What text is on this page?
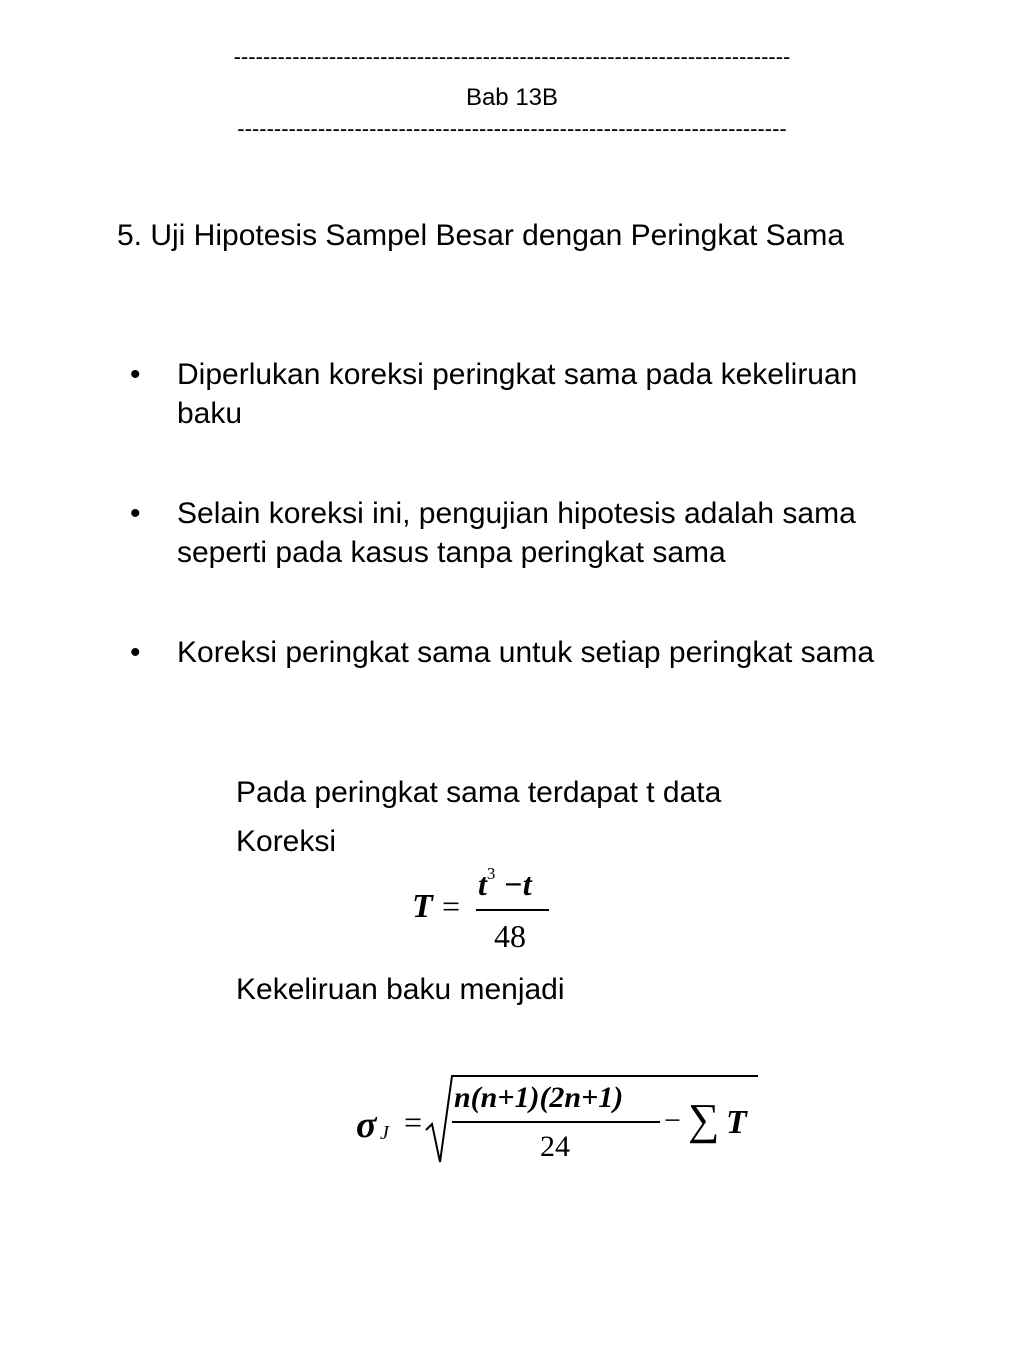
----------------------------------------------------------------------------
Bab 13B
---------------------------------------------------------------------------
5. Uji Hipotesis Sampel Besar dengan Peringkat Sama
• Diperlukan koreksi peringkat sama pada kekeliruan baku
• Selain koreksi ini, pengujian hipotesis adalah sama seperti pada kasus tanpa peringkat sama
• Koreksi peringkat sama untuk setiap peringkat sama
Pada peringkat sama terdapat t data
Koreksi
T =
$t^3 -t$
48
Kekeliruan baku menjadi
σ J =
n(n+1)(2n+1)
24
− ∑ T
